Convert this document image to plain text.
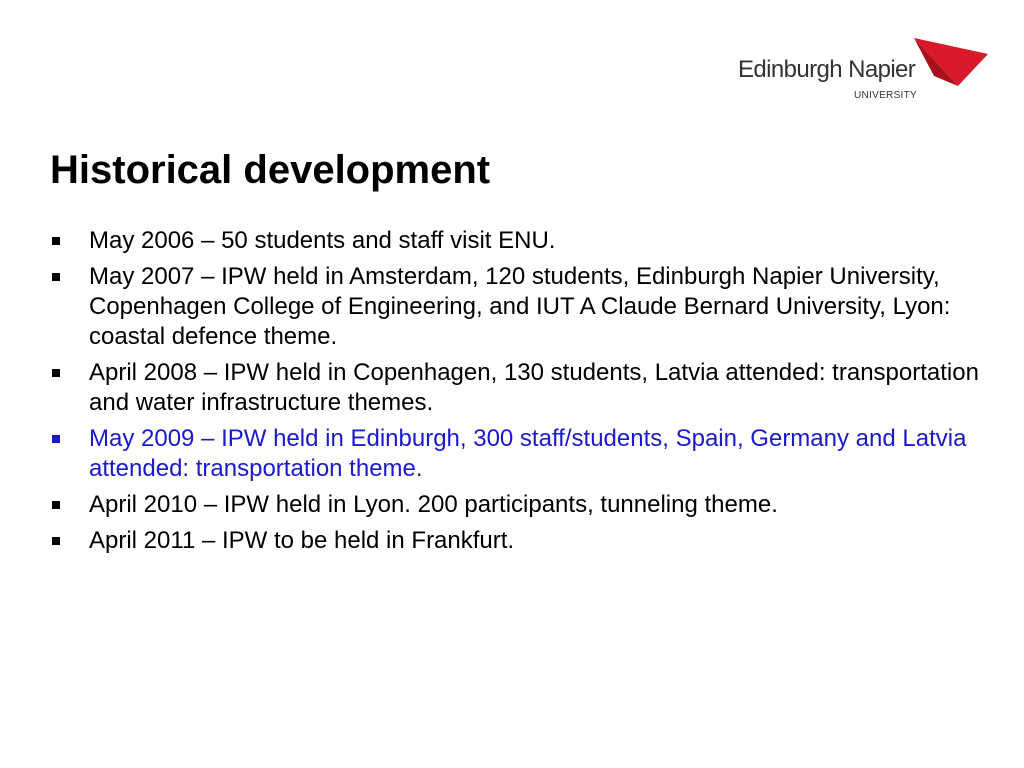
Edinburgh Napier
UNIVERSITY
Historical development
May 2006 – 50 students and staff visit ENU.
May 2007 – IPW held in Amsterdam, 120 students, Edinburgh Napier University, Copenhagen College of Engineering, and IUT A Claude Bernard University, Lyon: coastal defence theme.
April 2008 – IPW held in Copenhagen, 130 students, Latvia attended: transportation and water infrastructure themes.
May 2009 – IPW held in Edinburgh, 300 staff/students, Spain, Germany and Latvia attended: transportation theme.
April 2010 – IPW held in Lyon. 200 participants, tunneling theme.
April 2011 – IPW to be held in Frankfurt.
